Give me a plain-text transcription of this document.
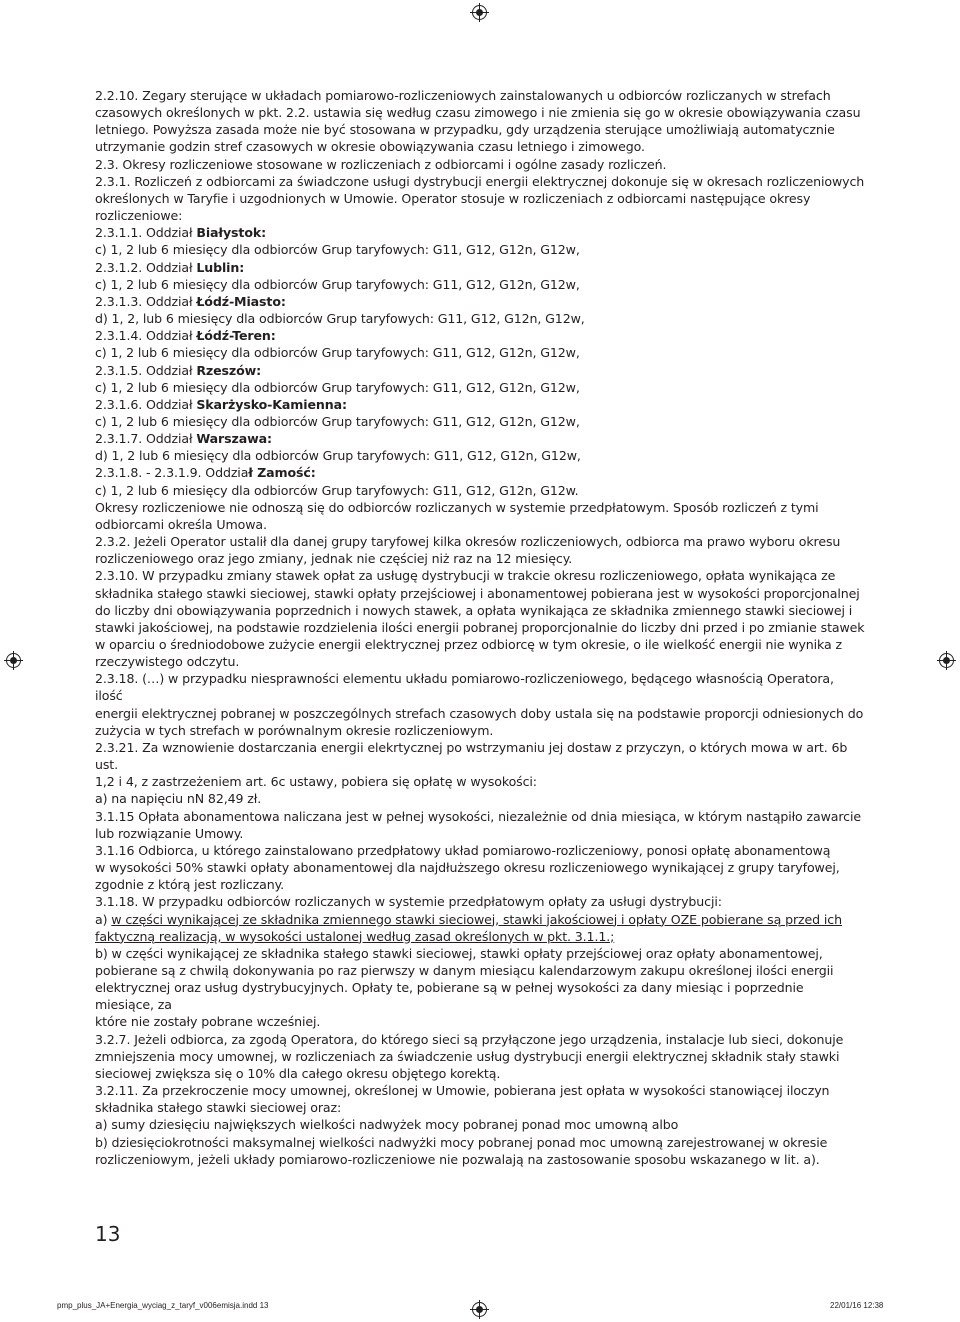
2.2.10. Zegary sterujące w układach pomiarowo-rozliczeniowych zainstalowanych u odbiorców rozliczanych w strefach

czasowych określonych w pkt. 2.2. ustawia się według czasu zimowego i nie zmienia się go w okresie obowiązywania czasu

letniego. Powyższa zasada może nie być stosowana w przypadku, gdy urządzenia sterujące umożliwiają automatycznie

utrzymanie godzin stref czasowych w okresie obowiązywania czasu letniego i zimowego.

2.3. Okresy rozliczeniowe stosowane w rozliczeniach z odbiorcami i ogólne zasady rozliczeń.

2.3.1. Rozliczeń z odbiorcami za świadczone usługi dystrybucji energii elektrycznej dokonuje się w okresach rozliczeniowych

określonych w Taryfie i uzgodnionych w Umowie. Operator stosuje w rozliczeniach z odbiorcami następujące okresy

rozliczeniowe:

2.3.1.1. Oddział Białystok:

c) 1, 2 lub 6 miesięcy dla odbiorców Grup taryfowych: G11, G12, G12n, G12w,

2.3.1.2. Oddział Lublin:

c) 1, 2 lub 6 miesięcy dla odbiorców Grup taryfowych: G11, G12, G12n, G12w,

2.3.1.3. Oddział Łódź-Miasto:

d) 1, 2, lub 6 miesięcy dla odbiorców Grup taryfowych: G11, G12, G12n, G12w,

2.3.1.4. Oddział Łódź-Teren:

c) 1, 2 lub 6 miesięcy dla odbiorców Grup taryfowych: G11, G12, G12n, G12w,

2.3.1.5. Oddział Rzeszów:

c) 1, 2 lub 6 miesięcy dla odbiorców Grup taryfowych: G11, G12, G12n, G12w,

2.3.1.6. Oddział Skarżysko-Kamienna:

c) 1, 2 lub 6 miesięcy dla odbiorców Grup taryfowych: G11, G12, G12n, G12w,

2.3.1.7. Oddział Warszawa:

d) 1, 2 lub 6 miesięcy dla odbiorców Grup taryfowych: G11, G12, G12n, G12w,

2.3.1.8. - 2.3.1.9. Oddział Zamość:

c) 1, 2 lub 6 miesięcy dla odbiorców Grup taryfowych: G11, G12, G12n, G12w.

Okresy rozliczeniowe nie odnoszą się do odbiorców rozliczanych w systemie przedpłatowym. Sposób rozliczeń z tymi

odbiorcami określa Umowa.

2.3.2. Jeżeli Operator ustalił dla danej grupy taryfowej kilka okresów rozliczeniowych, odbiorca ma prawo wyboru okresu

rozliczeniowego oraz jego zmiany, jednak nie częściej niż raz na 12 miesięcy.

2.3.10. W przypadku zmiany stawek opłat za usługę dystrybucji w trakcie okresu rozliczeniowego, opłata wynikająca ze

składnika stałego stawki sieciowej, stawki opłaty przejściowej i abonamentowej pobierana jest w wysokości proporcjonalnej

do liczby dni obowiązywania poprzednich i nowych stawek, a opłata wynikająca ze składnika zmiennego stawki sieciowej i

stawki jakościowej, na podstawie rozdzielenia ilości energii pobranej proporcjonalnie do liczby dni przed i po zmianie stawek

w oparciu o średniodobowe zużycie energii elektrycznej przez odbiorcę w tym okresie, o ile wielkość energii nie wynika z

rzeczywistego odczytu.

2.3.18. (…) w przypadku niesprawności elementu układu pomiarowo-rozliczeniowego, będącego własnością Operatora, ilość

energii elektrycznej pobranej w poszczególnych strefach czasowych doby ustala się na podstawie proporcji odniesionych do

zużycia w tych strefach w porównalnym okresie rozliczeniowym.

2.3.21. Za wznowienie dostarczania energii elekrtycznej po wstrzymaniu jej dostaw z przyczyn, o których mowa w art. 6b ust.

1,2 i 4, z zastrzeżeniem art. 6c ustawy, pobiera się opłatę w wysokości:

a) na napięciu nN 82,49 zł.

3.1.15 Opłata abonamentowa naliczana jest w pełnej wysokości, niezależnie od dnia miesiąca, w którym nastąpiło zawarcie

lub rozwiązanie Umowy.

3.1.16 Odbiorca, u którego zainstalowano przedpłatowy układ pomiarowo-rozliczeniowy, ponosi opłatę abonamentową

w wysokości 50% stawki opłaty abonamentowej dla najdłuższego okresu rozliczeniowego wynikającej z grupy taryfowej,

zgodnie z którą jest rozliczany.

3.1.18. W przypadku odbiorców rozliczanych w systemie przedpłatowym opłaty za usługi dystrybucji:

a) w części wynikającej ze składnika zmiennego stawki sieciowej, stawki jakościowej i opłaty OZE pobierane są przed ich

faktyczną realizacją, w wysokości ustalonej według zasad określonych w pkt. 3.1.1.;

b) w części wynikającej ze składnika stałego stawki sieciowej, stawki opłaty przejściowej oraz opłaty abonamentowej,

pobierane są z chwilą dokonywania po raz pierwszy w danym miesiącu kalendarzowym zakupu określonej ilości energii

elektrycznej oraz usług dystrybucyjnych. Opłaty te, pobierane są w pełnej wysokości za dany miesiąc i poprzednie miesiące, za

które nie zostały pobrane wcześniej.

3.2.7. Jeżeli odbiorca, za zgodą Operatora, do którego sieci są przyłączone jego urządzenia, instalacje lub sieci, dokonuje

zmniejszenia mocy umownej, w rozliczeniach za świadczenie usług dystrybucji energii elektrycznej składnik stały stawki

sieciowej zwiększa się o 10% dla całego okresu objętego korektą.

3.2.11. Za przekroczenie mocy umownej, określonej w Umowie, pobierana jest opłata w wysokości stanowiącej iloczyn

składnika stałego stawki sieciowej oraz:

a) sumy dziesięciu największych wielkości nadwyżek mocy pobranej ponad moc umowną albo

b) dziesięciokrotności maksymalnej wielkości nadwyżki mocy pobranej ponad moc umowną zarejestrowanej w okresie

rozliczeniowym, jeżeli układy pomiarowo-rozliczeniowe nie pozwalają na zastosowanie sposobu wskazanego w lit. a).

13
pmp_plus_JA+Energia_wyciag_z_taryf_v006emisja.indd 13	22/01/16 12:38
